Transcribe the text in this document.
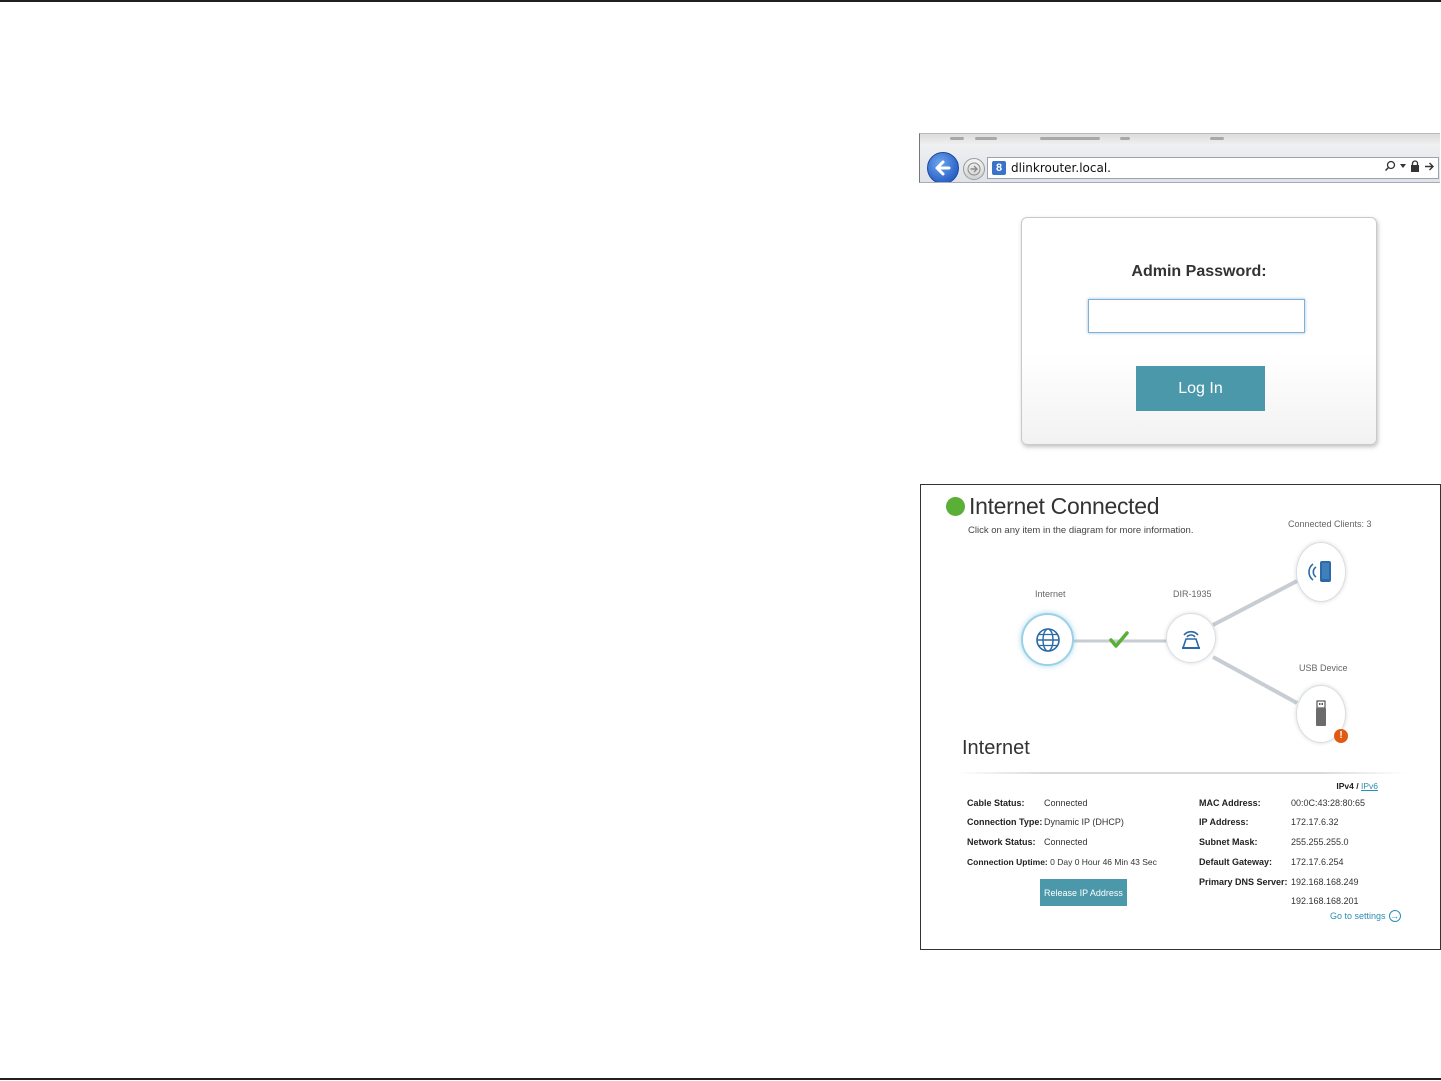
8 dlinkrouter.local.
Admin Password:
Log In
Internet Connected
Click on any item in the diagram for more information.
Internet	DIR-1935
Connected Clients: 3
USB Device
!
Internet
IPv4 / IPv6
Cable Status: Connected
Connection Type: Dynamic IP (DHCP)
Network Status: Connected
Connection Uptime: 0 Day 0 Hour 46 Min 43 Sec
Release IP Address
MAC Address:	00:0C:43:28:80:65
IP Address:	172.17.6.32
Subnet Mask:	255.255.255.0
Default Gateway: 172.17.6.254
Primary DNS Server: 192.168.168.249
192.168.168.201
Go to settings →
